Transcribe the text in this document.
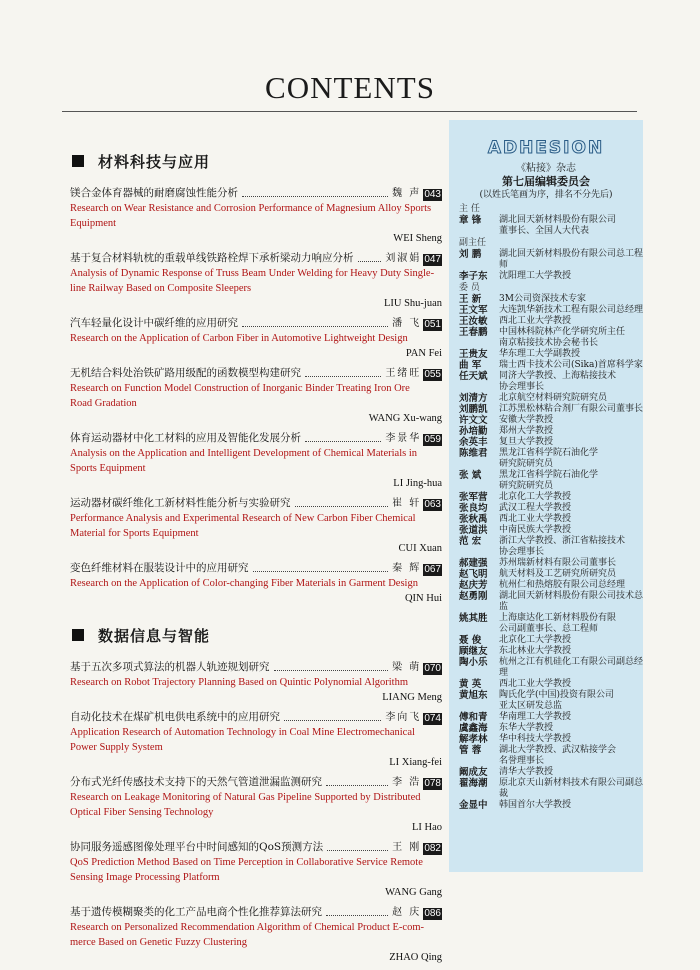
CONTENTS
材料科技与应用
镁合金体育器械的耐磨腐蚀性能分析	魏 声 043
Research on Wear Resistance and Corrosion Performance of Magnesium Alloy Sports
Equipment
WEI Sheng
基于复合材料轨枕的重载单线铁路栓焊下承析梁动力响应分析	刘淑娟 047
Analysis of Dynamic Response of Truss Beam Under Welding for Heavy Duty Single-
line Railway Based on Composite Sleepers
LIU Shu-juan
汽车轻量化设计中碳纤维的应用研究	潘 飞 051
Research on the Application of Carbon Fiber in Automotive Lightweight Design
PAN Fei
无机结合料处治铁矿路用级配的函数模型构建研究	王绪旺 055
Research on Function Model Construction of Inorganic Binder Treating Iron Ore
Road Gradation
WANG Xu-wang
体育运动器材中化工材料的应用及智能化发展分析	李景华 059
Analysis on the Application and Intelligent Development of Chemical Materials in
Sports Equipment
LI Jing-hua
运动器材碳纤维化工新材料性能分析与实验研究	崔 轩 063
Performance Analysis and Experimental Research of New Carbon Fiber Chemical
Material for Sports Equipment
CUI Xuan
变色纤维材料在服装设计中的应用研究	秦 辉 067
Research on the Application of Color-changing Fiber Materials in Garment Design
QIN Hui
数据信息与智能
基于五次多项式算法的机器人轨迹规划研究	梁 萌 070
Research on Robot Trajectory Planning Based on Quintic Polynomial Algorithm
LIANG Meng
自动化技术在煤矿机电供电系统中的应用研究	李向飞 074
Application Research of Automation Technology in Coal Mine Electromechanical
Power Supply System
LI Xiang-fei
分布式光纤传感技术支持下的天然气管道泄漏监测研究	李 浩 078
Research on Leakage Monitoring of Natural Gas Pipeline Supported by Distributed
Optical Fiber Sensing Technology
LI Hao
协同服务遥感图像处理平台中时间感知的QoS预测方法	王 刚 082
QoS Prediction Method Based on Time Perception in Collaborative Service Remote
Sensing Image Processing Platform
WANG Gang
基于遗传模糊聚类的化工产品电商个性化推荐算法研究	赵 庆 086
Research on Personalized Recommendation Algorithm of Chemical Product E-com-
merce Based on Genetic Fuzzy Clustering
ZHAO Qing
ADHESION
《粘接》杂志
第七届编辑委员会
(以姓氏笔画为序，排名不分先后)
主 任
章 锋	湖北回天新材料股份有限公司
董事长、全国人大代表
副主任
刘 鹏	湖北回天新材料股份有限公司总工程师
李子东	沈阳理工大学教授
委 员
王 新	3M公司资深技术专家
王文军	大连凯华新技术工程有限公司总经理
王汝敏	西北工业大学教授
王春鹏	中国林科院林产化学研究所主任
南京粘接技术协会秘书长
王贵友	华东理工大学副教授
曲 军	瑞士西卡技术公司(Sika)首席科学家
任天斌	同济大学教授、上海粘接技术
协会理事长
刘清方	北京航空材料研究院研究员
刘鹏凯	江苏黑松林粘合剂厂有限公司董事长
许文文	安徽大学教授
孙培勤	郑州大学教授
余英丰	复旦大学教授
陈维君	黑龙江省科学院石油化学
研究院研究员
张 斌	黑龙江省科学院石油化学
研究院研究员
张军营	北京化工大学教授
张良均	武汉工程大学教授
张秋禹	西北工业大学教授
张道洪	中南民族大学教授
范 宏	浙江大学教授、浙江省粘接技术
协会理事长
郝建强	苏州瑞新材料有限公司董事长
赵飞明	航天材料及工艺研究所研究员
赵庆芳	杭州仁和热熔胶有限公司总经理
赵勇刚	湖北回天新材料股份有限公司技术总监
姚其胜	上海康达化工新材料股份有限
公司副董事长、总工程师
聂 俊	北京化工大学教授
顾继友	东北林业大学教授
陶小乐	杭州之江有机硅化工有限公司副总经理
黄 英	西北工业大学教授
黄旭东	陶氏化学(中国)投资有限公司
亚太区研发总监
傅和青	华南理工大学教授
虞鑫海	东华大学教授
解孝林	华中科技大学教授
管 蓉	湖北大学教授、武汉粘接学会
名誉理事长
阚成友	清华大学教授
翟海潮	原北京天山新材料技术有限公司副总裁
金显中	韩国首尔大学教授
